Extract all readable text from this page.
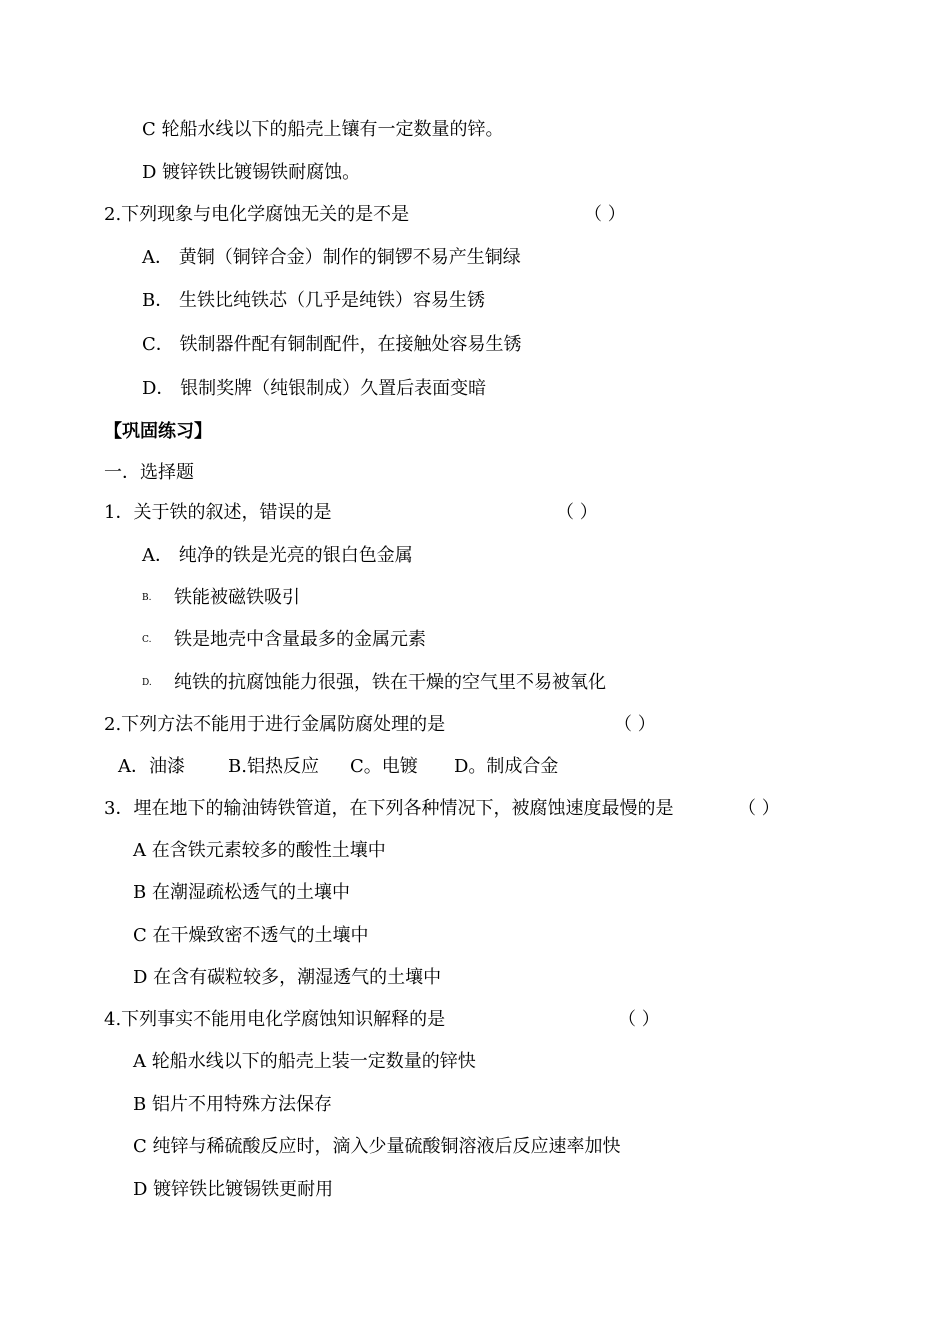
C 轮船水线以下的船壳上镶有一定数量的锌。
D 镀锌铁比镀锡铁耐腐蚀。
2.下列现象与电化学腐蚀无关的是不是	（ ）
A． 黄铜（铜锌合金）制作的铜锣不易产生铜绿
B． 生铁比纯铁芯（几乎是纯铁）容易生锈
C． 铁制器件配有铜制配件，在接触处容易生锈
D． 银制奖牌（纯银制成）久置后表面变暗
【巩固练习】
一．选择题
1．关于铁的叙述，错误的是	（ ）
A． 纯净的铁是光亮的银白色金属
B. 铁能被磁铁吸引
C. 铁是地壳中含量最多的金属元素
D. 纯铁的抗腐蚀能力很强，铁在干燥的空气里不易被氧化
2.下列方法不能用于进行金属防腐处理的是	（ ）
A．油漆 B.铝热反应 C。电镀 D。制成合金
3．埋在地下的输油铸铁管道，在下列各种情况下，被腐蚀速度最慢的是	（ ）
A 在含铁元素较多的酸性土壤中
B 在潮湿疏松透气的土壤中
C 在干燥致密不透气的土壤中
D 在含有碳粒较多，潮湿透气的土壤中
4.下列事实不能用电化学腐蚀知识解释的是	（ ）
A 轮船水线以下的船壳上装一定数量的锌快
B 铝片不用特殊方法保存
C 纯锌与稀硫酸反应时，滴入少量硫酸铜溶液后反应速率加快
D 镀锌铁比镀锡铁更耐用
